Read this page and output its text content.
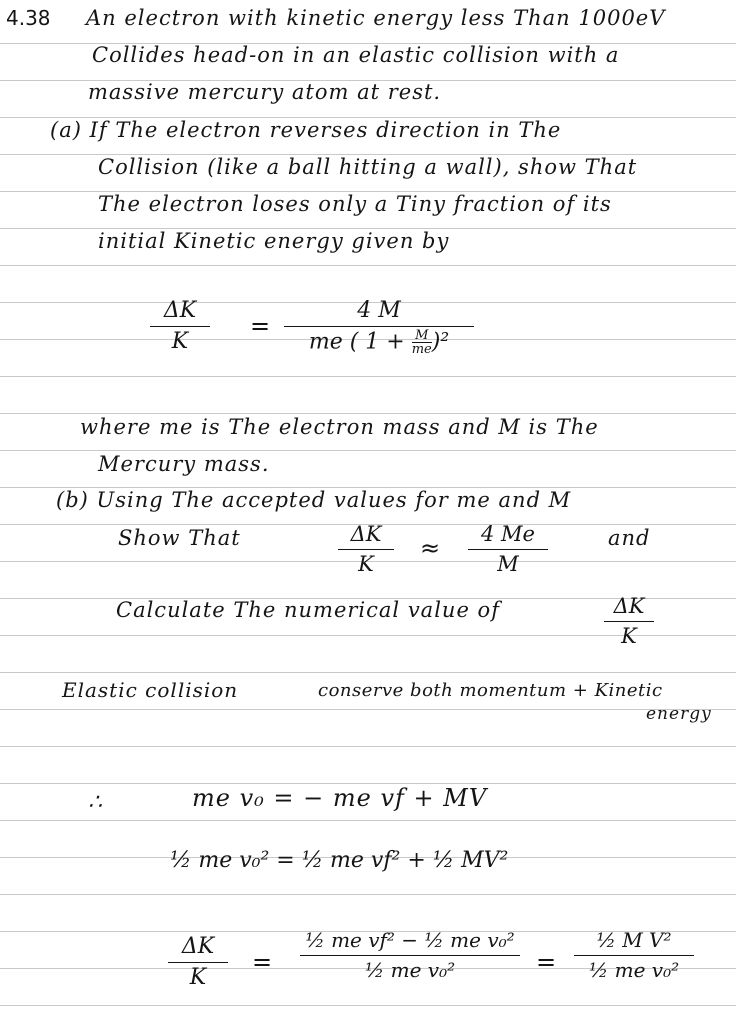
4.38 An electron with kinetic energy less Than 1000eV
Collides head-on in an elastic collision with a
massive mercury atom at rest.
(a) If The electron reverses direction in The
Collision (like a ball hitting a wall), show That
The electron loses only a Tiny fraction of its
initial Kinetic energy given by
ΔK
K
=
4 M
me ( $1 + \frac{M}{me} )^2$
where me is The electron mass and M is The
Mercury mass.
(b) Using The accepted values for me and M
Show That	ΔK
K
≈	4 Me
M
and
Calculate The numerical value of	ΔK
K
Elastic collision	conserve both momentum + Kinetic
energy
∴	me v₀ = − me vf + MV
½ me v₀² = ½ me vf² + ½ MV²
ΔK
K
=
½ me vf² − ½ me v₀²
½ me v₀²	=
½ M V²
½ me v₀²
